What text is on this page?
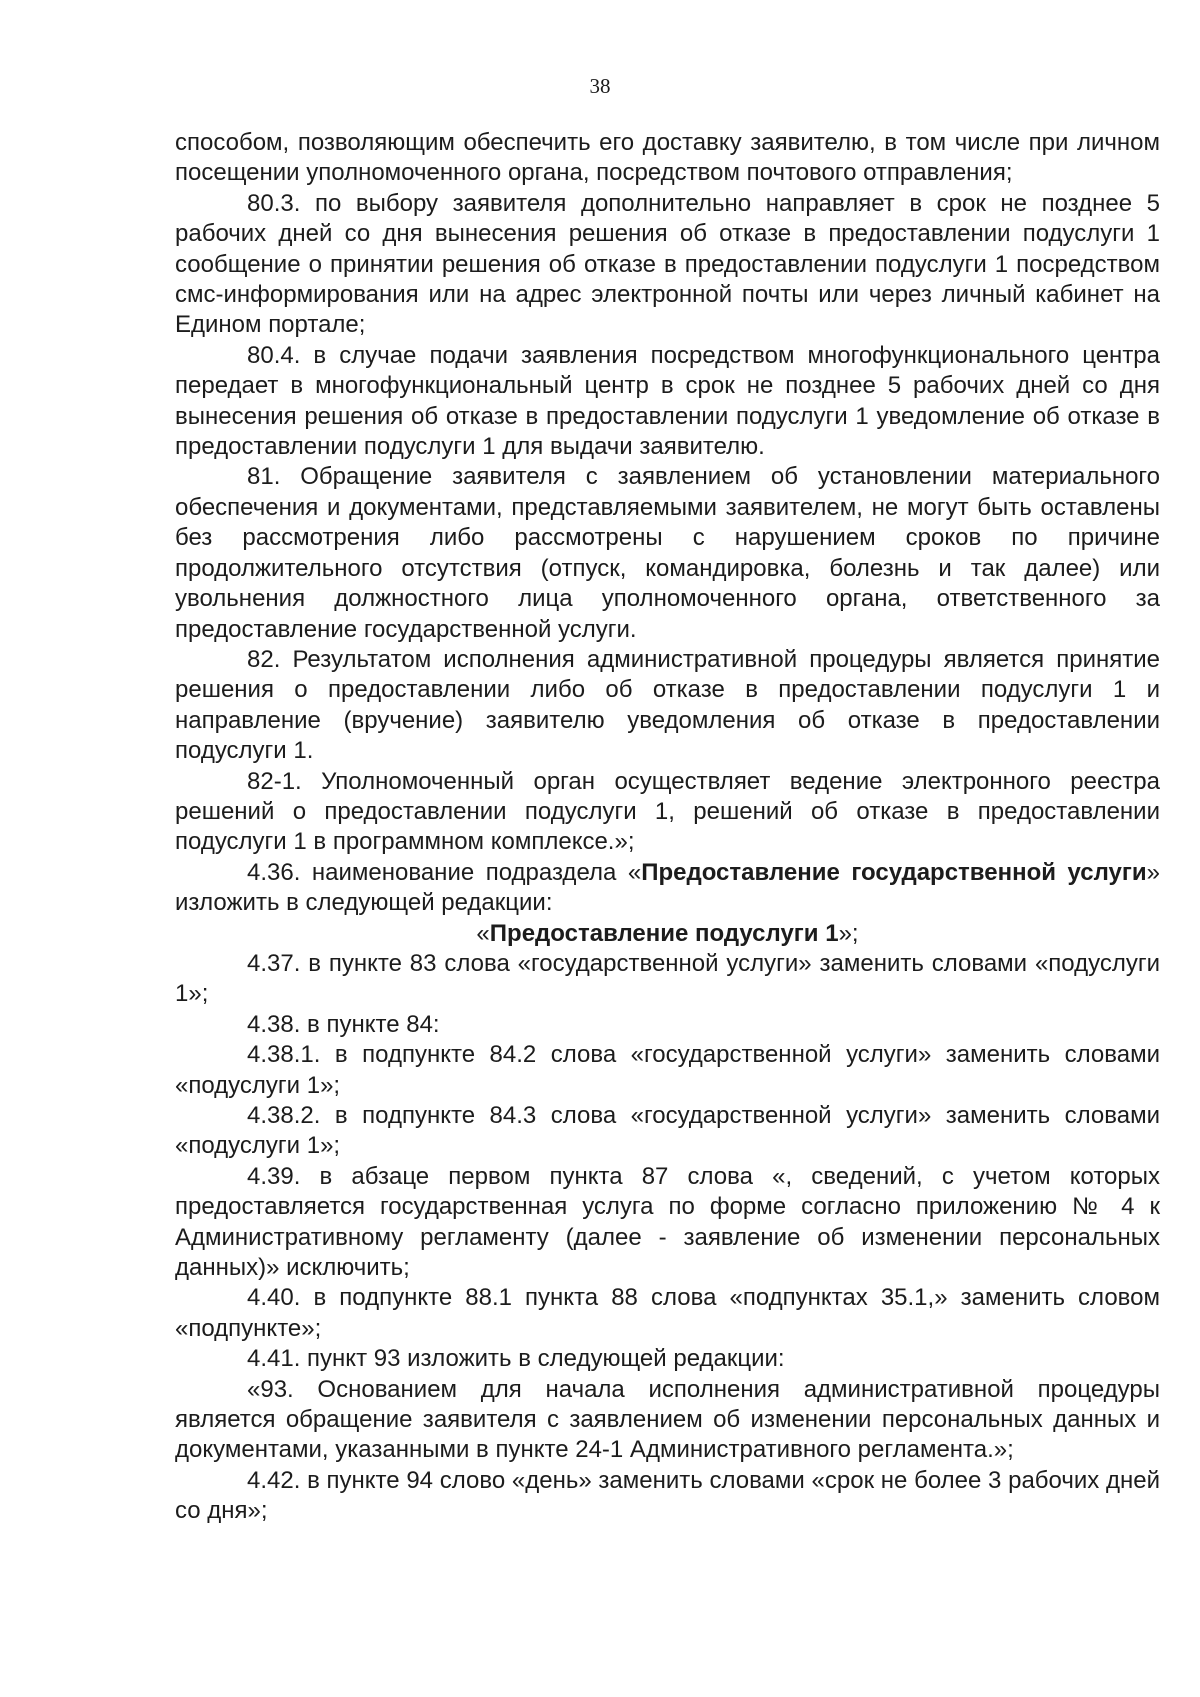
38

способом, позволяющим обеспечить его доставку заявителю, в том числе при личном посещении уполномоченного органа, посредством почтового отправления;

80.3. по выбору заявителя дополнительно направляет в срок не позднее 5 рабочих дней со дня вынесения решения об отказе в предоставлении подуслуги 1 сообщение о принятии решения об отказе в предоставлении подуслуги 1 посредством смс-информирования или на адрес электронной почты или через личный кабинет на Едином портале;

80.4. в случае подачи заявления посредством многофункционального центра передает в многофункциональный центр в срок не позднее 5 рабочих дней со дня вынесения решения об отказе в предоставлении подуслуги 1 уведомление об отказе в предоставлении подуслуги 1 для выдачи заявителю.

81. Обращение заявителя с заявлением об установлении материального обеспечения и документами, представляемыми заявителем, не могут быть оставлены без рассмотрения либо рассмотрены с нарушением сроков по причине продолжительного отсутствия (отпуск, командировка, болезнь и так далее) или увольнения должностного лица уполномоченного органа, ответственного за предоставление государственной услуги.

82. Результатом исполнения административной процедуры является принятие решения о предоставлении либо об отказе в предоставлении подуслуги 1 и направление (вручение) заявителю уведомления об отказе в предоставлении подуслуги 1.

82-1. Уполномоченный орган осуществляет ведение электронного реестра решений о предоставлении подуслуги 1, решений об отказе в предоставлении подуслуги 1 в программном комплексе.»;

4.36. наименование подраздела «Предоставление государственной услуги» изложить в следующей редакции:

«Предоставление подуслуги 1»;

4.37. в пункте 83 слова «государственной услуги» заменить словами «подуслуги 1»;

4.38. в пункте 84:

4.38.1. в подпункте 84.2 слова «государственной услуги» заменить словами «подуслуги 1»;

4.38.2. в подпункте 84.3 слова «государственной услуги» заменить словами «подуслуги 1»;

4.39. в абзаце первом пункта 87 слова «, сведений, с учетом которых предоставляется государственная услуга по форме согласно приложению № 4 к Административному регламенту (далее - заявление об изменении персональных данных)» исключить;

4.40. в подпункте 88.1 пункта 88 слова «подпунктах 35.1,» заменить словом «подпункте»;

4.41. пункт 93 изложить в следующей редакции:

«93. Основанием для начала исполнения административной процедуры является обращение заявителя с заявлением об изменении персональных данных и документами, указанными в пункте 24-1 Административного регламента.»;

4.42. в пункте 94 слово «день» заменить словами «срок не более 3 рабочих дней со дня»;
